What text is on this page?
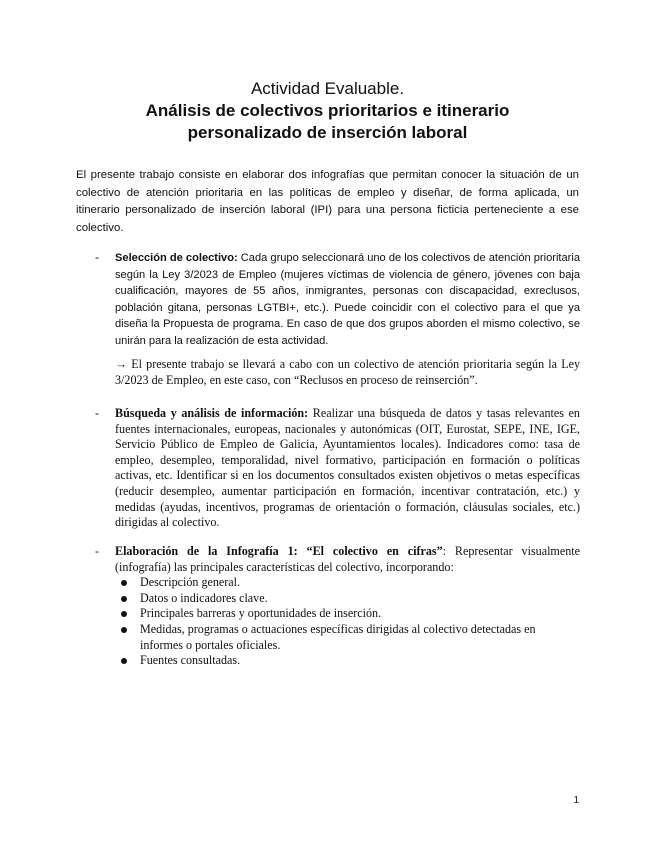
Actividad Evaluable.
Análisis de colectivos prioritarios e itinerario
personalizado de inserción laboral

El presente trabajo consiste en elaborar dos infografías que permitan conocer la situación de un colectivo de atención prioritaria en las políticas de empleo y diseñar, de forma aplicada, un itinerario personalizado de inserción laboral (IPI) para una persona ficticia perteneciente a ese colectivo.

- Selección de colectivo: Cada grupo seleccionará uno de los colectivos de atención prioritaria según la Ley 3/2023 de Empleo (mujeres víctimas de violencia de género, jóvenes con baja cualificación, mayores de 55 años, inmigrantes, personas con discapacidad, exreclusos, población gitana, personas LGTBI+, etc.). Puede coincidir con el colectivo para el que ya diseña la Propuesta de programa. En caso de que dos grupos aborden el mismo colectivo, se unirán para la realización de esta actividad.

→ El presente trabajo se llevará a cabo con un colectivo de atención prioritaria según la Ley 3/2023 de Empleo, en este caso, con “Reclusos en proceso de reinserción”.

- Búsqueda y análisis de información: Realizar una búsqueda de datos y tasas relevantes en fuentes internacionales, europeas, nacionales y autonómicas (OIT, Eurostat, SEPE, INE, IGE, Servicio Público de Empleo de Galicia, Ayuntamientos locales). Indicadores como: tasa de empleo, desempleo, temporalidad, nivel formativo, participación en formación o políticas activas, etc. Identificar si en los documentos consultados existen objetivos o metas específicas (reducir desempleo, aumentar participación en formación, incentivar contratación, etc.) y medidas (ayudas, incentivos, programas de orientación o formación, cláusulas sociales, etc.) dirigidas al colectivo.
- Elaboración de la Infografía 1: “El colectivo en cifras”: Representar visualmente (infografía) las principales características del colectivo, incorporando:
Descripción general.
Datos o indicadores clave.
Principales barreras y oportunidades de inserción.
Medidas, programas o actuaciones específicas dirigidas al colectivo detectadas en informes o portales oficiales.
Fuentes consultadas.
1
